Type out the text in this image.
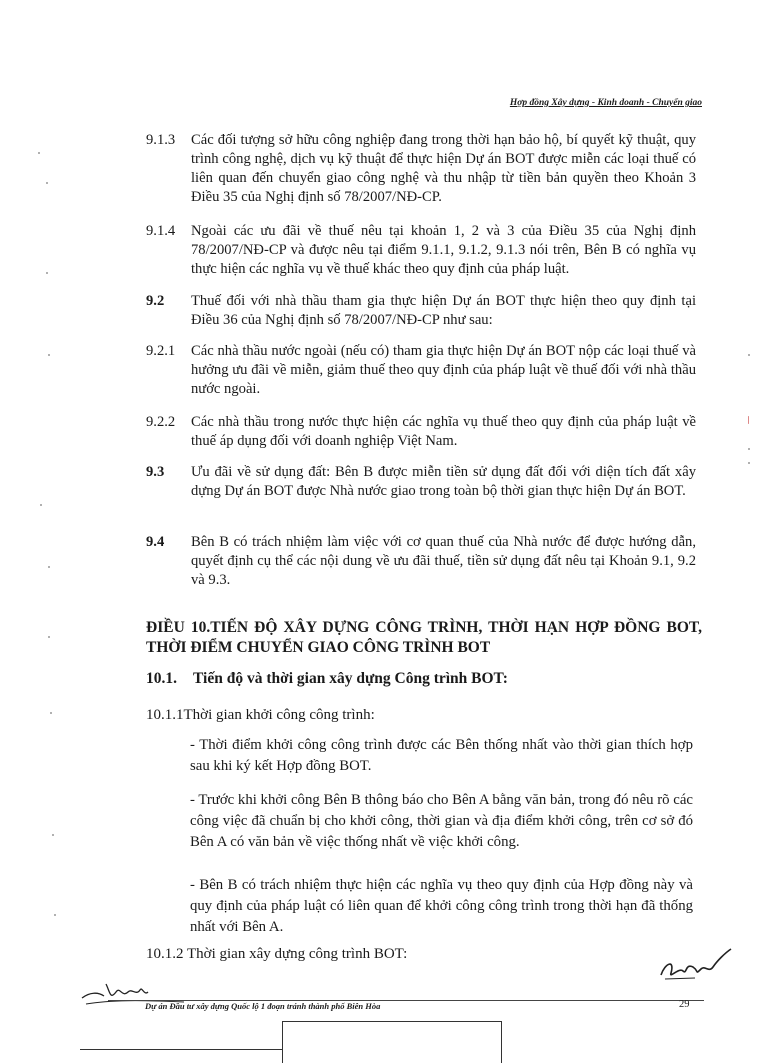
Hợp đồng Xây dựng - Kinh doanh - Chuyển giao
9.1.3 Các đối tượng sở hữu công nghiệp đang trong thời hạn bảo hộ, bí quyết kỹ thuật, quy trình công nghệ, dịch vụ kỹ thuật để thực hiện Dự án BOT được miễn các loại thuế có liên quan đến chuyển giao công nghệ và thu nhập từ tiền bản quyền theo Khoản 3 Điều 35 của Nghị định số 78/2007/NĐ-CP.
9.1.4 Ngoài các ưu đãi về thuế nêu tại khoản 1, 2 và 3 của Điều 35 của Nghị định 78/2007/NĐ-CP và được nêu tại điểm 9.1.1, 9.1.2, 9.1.3 nói trên, Bên B có nghĩa vụ thực hiện các nghĩa vụ về thuế khác theo quy định của pháp luật.
9.2 Thuế đối với nhà thầu tham gia thực hiện Dự án BOT thực hiện theo quy định tại Điều 36 của Nghị định số 78/2007/NĐ-CP như sau:
9.2.1 Các nhà thầu nước ngoài (nếu có) tham gia thực hiện Dự án BOT nộp các loại thuế và hưởng ưu đãi về miễn, giảm thuế theo quy định của pháp luật về thuế đối với nhà thầu nước ngoài.
9.2.2 Các nhà thầu trong nước thực hiện các nghĩa vụ thuế theo quy định của pháp luật về thuế áp dụng đối với doanh nghiệp Việt Nam.
9.3 Ưu đãi về sử dụng đất: Bên B được miễn tiền sử dụng đất đối với diện tích đất xây dựng Dự án BOT được Nhà nước giao trong toàn bộ thời gian thực hiện Dự án BOT.
9.4 Bên B có trách nhiệm làm việc với cơ quan thuế của Nhà nước để được hướng dẫn, quyết định cụ thể các nội dung về ưu đãi thuế, tiền sử dụng đất nêu tại Khoản 9.1, 9.2 và 9.3.
ĐIỀU 10.TIẾN ĐỘ XÂY DỰNG CÔNG TRÌNH, THỜI HẠN HỢP ĐỒNG BOT, THỜI ĐIỂM CHUYỂN GIAO CÔNG TRÌNH BOT
10.1. Tiến độ và thời gian xây dựng Công trình BOT:
10.1.1Thời gian khởi công công trình:
- Thời điểm khởi công công trình được các Bên thống nhất vào thời gian thích hợp sau khi ký kết Hợp đồng BOT.
- Trước khi khởi công Bên B thông báo cho Bên A bằng văn bản, trong đó nêu rõ các công việc đã chuẩn bị cho khởi công, thời gian và địa điểm khởi công, trên cơ sở đó Bên A có văn bản về việc thống nhất về việc khởi công.
- Bên B có trách nhiệm thực hiện các nghĩa vụ theo quy định của Hợp đồng này và quy định của pháp luật có liên quan để khởi công công trình trong thời hạn đã thống nhất với Bên A.
10.1.2 Thời gian xây dựng công trình BOT:
Dự án Đầu tư xây dựng Quốc lộ 1 đoạn tránh thành phố Biên Hòa	29
